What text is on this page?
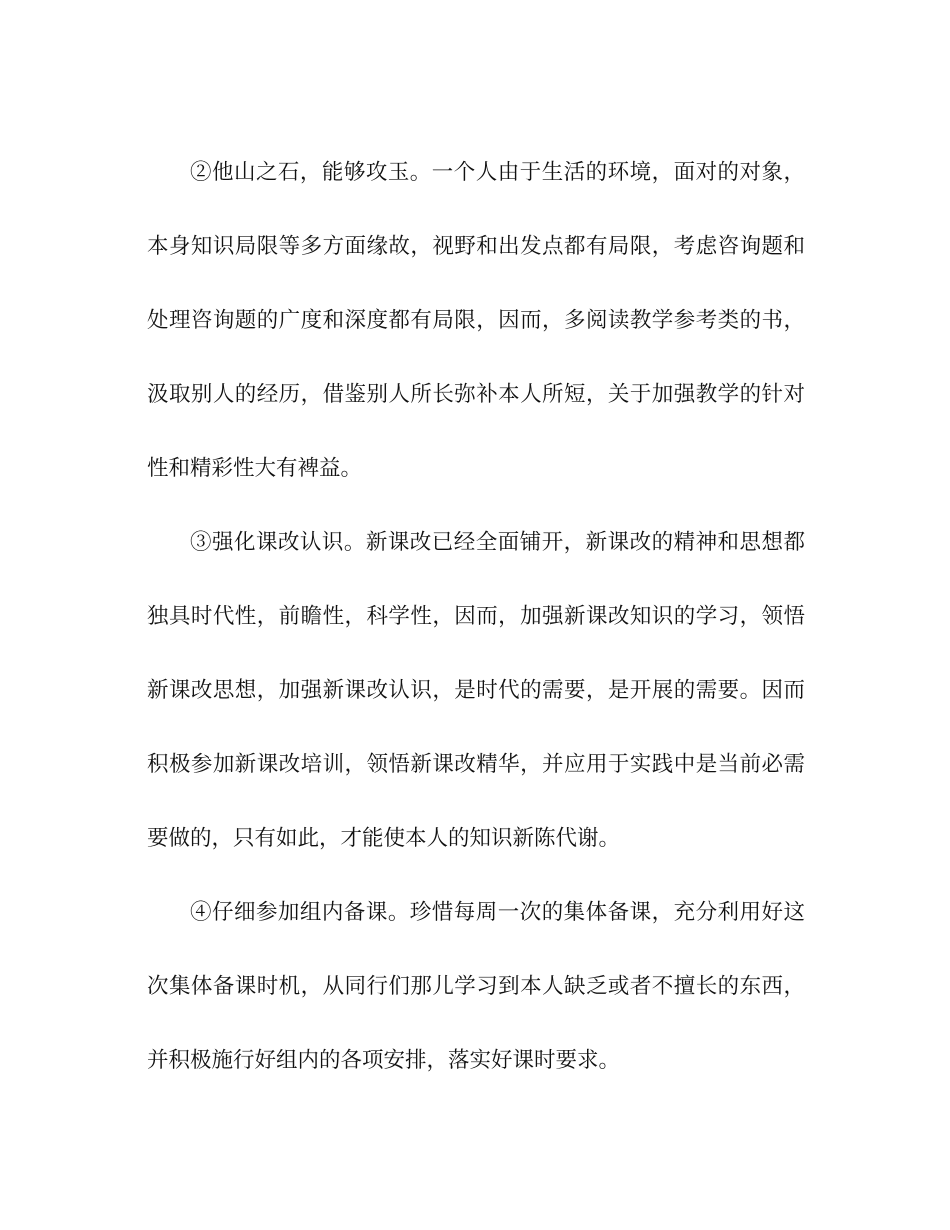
②他山之石，能够攻玉。一个人由于生活的环境，面对的对象，本身知识局限等多方面缘故，视野和出发点都有局限，考虑咨询题和处理咨询题的广度和深度都有局限，因而，多阅读教学参考类的书，汲取别人的经历，借鉴别人所长弥补本人所短，关于加强教学的针对性和精彩性大有裨益。

③强化课改认识。新课改已经全面铺开，新课改的精神和思想都独具时代性，前瞻性，科学性，因而，加强新课改知识的学习，领悟新课改思想，加强新课改认识，是时代的需要，是开展的需要。因而积极参加新课改培训，领悟新课改精华，并应用于实践中是当前必需要做的，只有如此，才能使本人的知识新陈代谢。

④仔细参加组内备课。珍惜每周一次的集体备课，充分利用好这次集体备课时机，从同行们那儿学习到本人缺乏或者不擅长的东西，并积极施行好组内的各项安排，落实好课时要求。
